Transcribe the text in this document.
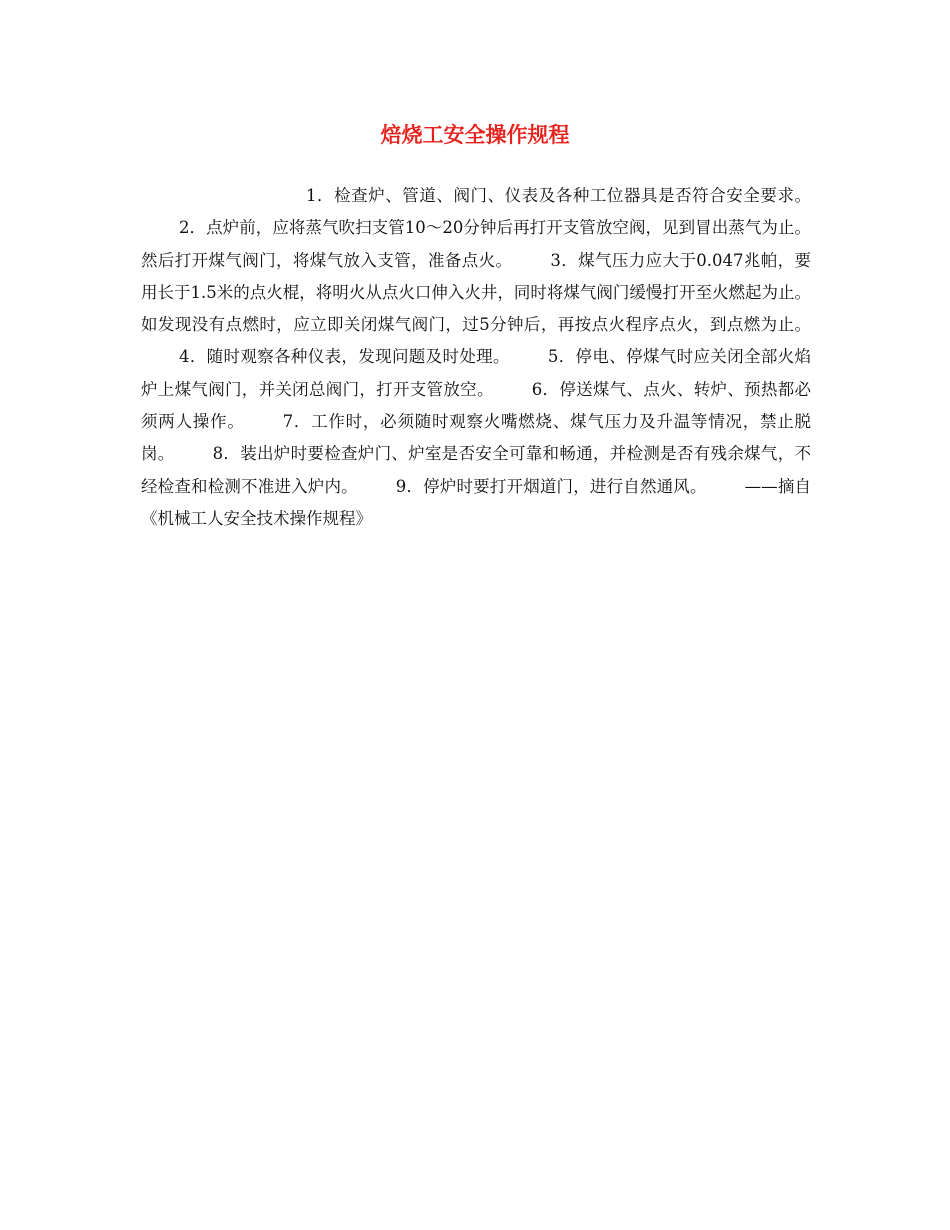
焙烧工安全操作规程

1．检查炉、管道、阀门、仪表及各种工位器具是否符合安全要求。2．点炉前，应将蒸气吹扫支管10～20分钟后再打开支管放空阀，见到冒出蒸气为止。然后打开煤气阀门，将煤气放入支管，准备点火。 3．煤气压力应大于0.047兆帕，要用长于1.5米的点火棍，将明火从点火口伸入火井，同时将煤气阀门缓慢打开至火燃起为止。如发现没有点燃时，应立即关闭煤气阀门，过5分钟后，再按点火程序点火，到点燃为止。4．随时观察各种仪表，发现问题及时处理。 5．停电、停煤气时应关闭全部火焰炉上煤气阀门，并关闭总阀门，打开支管放空。 6．停送煤气、点火、转炉、预热都必须两人操作。 7．工作时，必须随时观察火嘴燃烧、煤气压力及升温等情况，禁止脱岗。 8．装出炉时要检查炉门、炉室是否安全可靠和畅通，并检测是否有残余煤气，不经检查和检测不准进入炉内。 9．停炉时要打开烟道门，进行自然通风。 ——摘自《机械工人安全技术操作规程》
